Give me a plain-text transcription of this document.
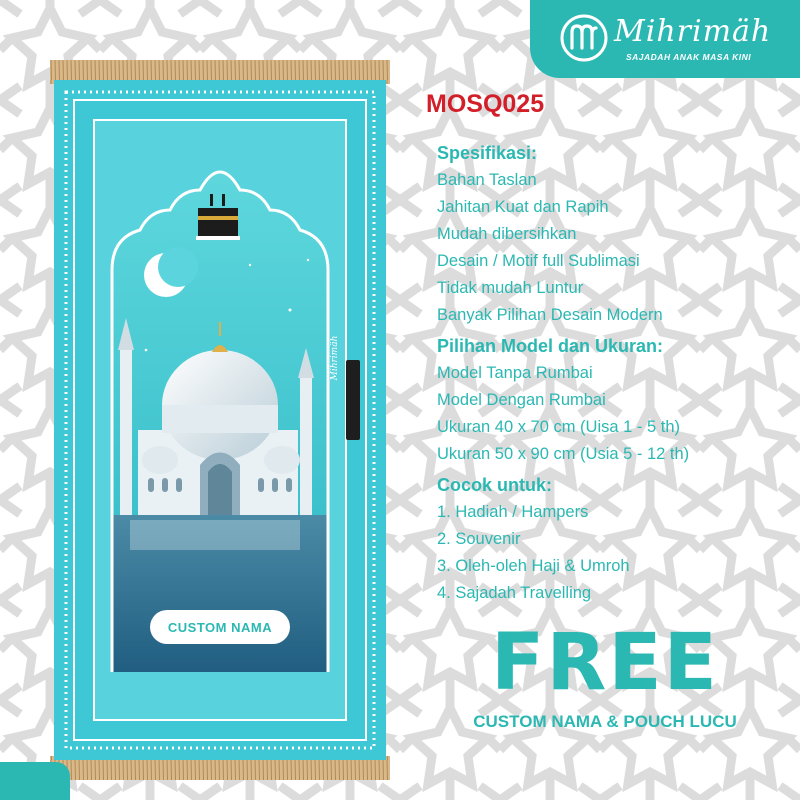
Mihrimäh
SAJADAH ANAK MASA KINI
Mihrimäh
CUSTOM NAMA
MOSQ025
Spesifikasi:
Bahan Taslan
Jahitan Kuat dan Rapih
Mudah dibersihkan
Desain / Motif full Sublimasi
Tidak mudah Luntur
Banyak Pilihan Desain Modern
Pilihan Model dan Ukuran:
Model Tanpa Rumbai
Model Dengan Rumbai
Ukuran 40 x 70 cm (Uisa 1 - 5 th)
Ukuran 50 x 90 cm (Usia 5 - 12 th)
Cocok untuk:
1. Hadiah / Hampers
2. Souvenir
3. Oleh-oleh Haji & Umroh
4. Sajadah Travelling
FREE
CUSTOM NAMA & POUCH LUCU
